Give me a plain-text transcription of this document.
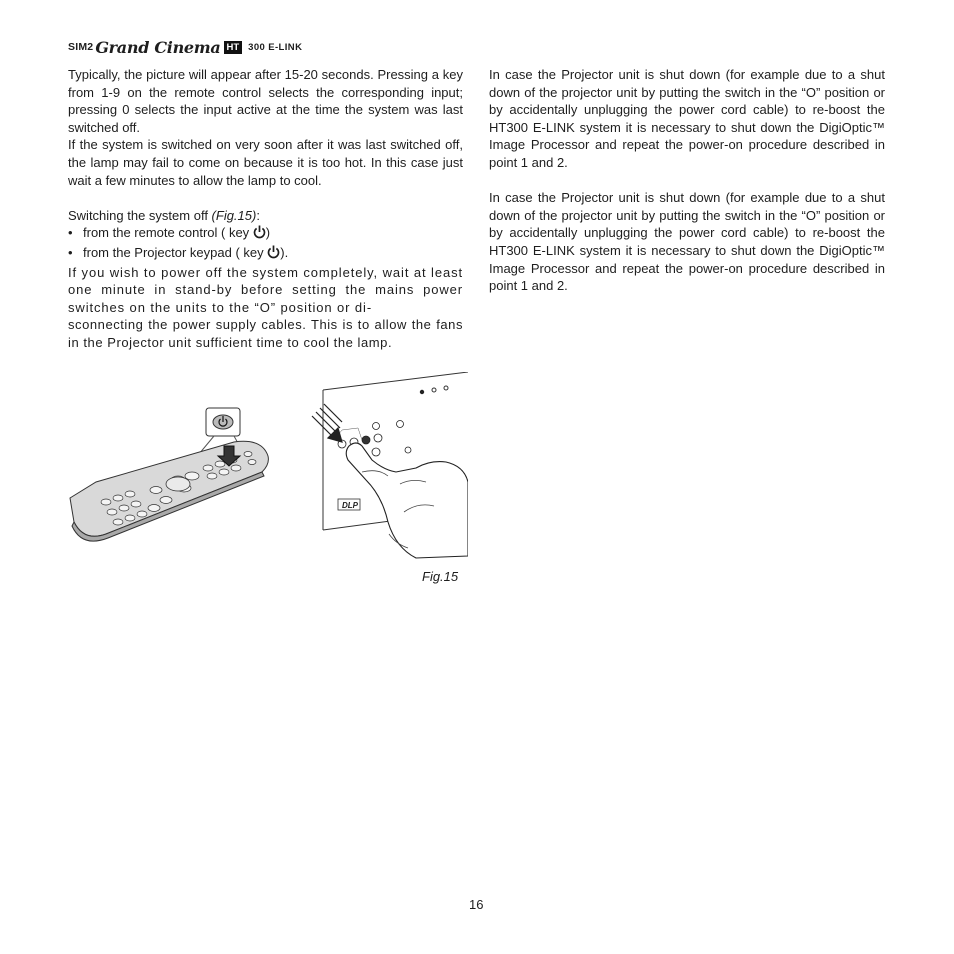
SIM2 Grand Cinema HT 300 E-LINK

Typically, the picture will appear after 15-20 seconds. Pressing a key from 1-9 on the remote control selects the corresponding input; pressing 0 selects the input active at the time the system was last switched off.

If the system is switched on very soon after it was last switched off, the lamp may fail to come on because it is too hot. In this case just wait a few minutes to allow the lamp to cool.

Switching the system off (Fig.15):

• from the remote control ( key )
• from the Projector keypad ( key ).

If you wish to power off the system completely, wait at least one minute in stand-by before setting the mains power switches on the units to the “O” position or di-

sconnecting the power supply cables. This is to allow the fans in the Projector unit sufficient time to cool the lamp.

In case the Projector unit is shut down (for example due to a shut down of the projector unit by putting the switch in the “O” position or by accidentally unplugging the power cord cable) to re-boost the HT300 E-LINK system it is necessary to shut down the DigiOptic™ Image Processor and repeat the power-on procedure described in point 1 and 2.

In case the Projector unit is shut down (for example due to a shut down of the projector unit by putting the switch in the “O” position or by accidentally unplugging the power cord cable) to re-boost the HT300 E-LINK system it is necessary to shut down the DigiOptic™ Image Processor and repeat the power-on procedure described in point 1 and 2.

DLP
Fig.15
16
